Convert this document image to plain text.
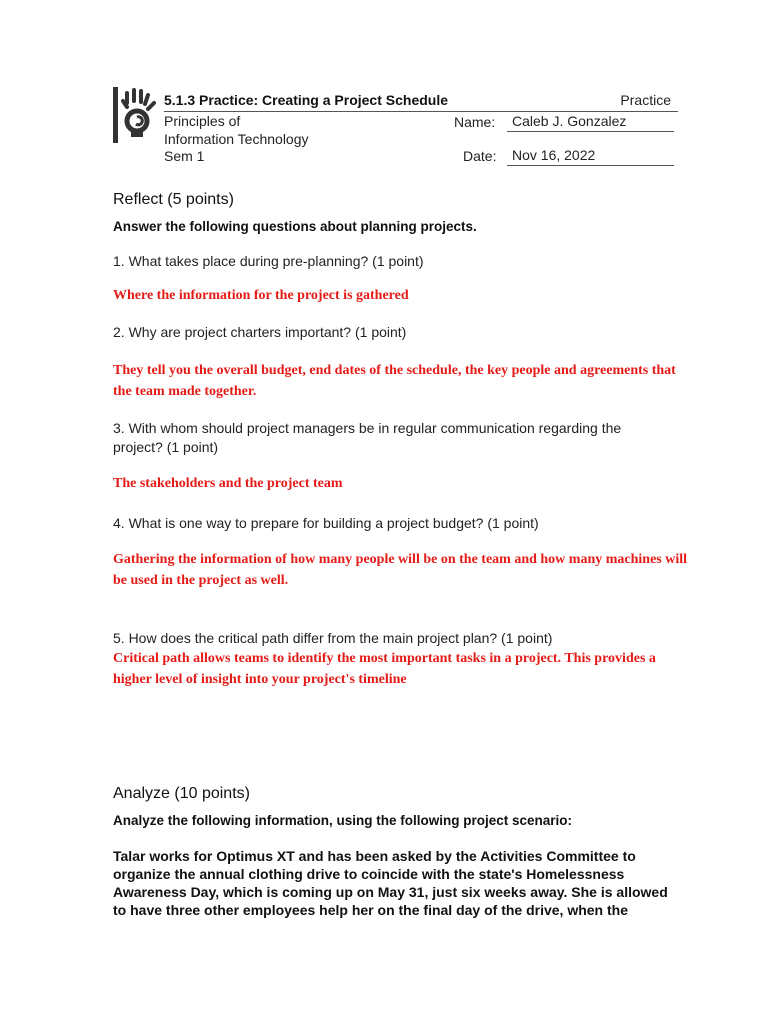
5.1.3 Practice: Creating a Project Schedule	Practice
Principles of
Information Technology
Sem 1
Name:	Caleb J. Gonzalez
Date:	Nov 16, 2022
Reflect (5 points)
Answer the following questions about planning projects.
1. What takes place during pre-planning? (1 point)
Where the information for the project is gathered
2. Why are project charters important? (1 point)
They tell you the overall budget, end dates of the schedule, the key people and agreements that the team made together.
3. With whom should project managers be in regular communication regarding the project? (1 point)
The stakeholders and the project team
4. What is one way to prepare for building a project budget? (1 point)
Gathering the information of how many people will be on the team and how many machines will be used in the project as well.
5. How does the critical path differ from the main project plan? (1 point)
Critical path allows teams to identify the most important tasks in a project. This provides a higher level of insight into your project's timeline
Analyze (10 points)
Analyze the following information, using the following project scenario:
Talar works for Optimus XT and has been asked by the Activities Committee to organize the annual clothing drive to coincide with the state's Homelessness Awareness Day, which is coming up on May 31, just six weeks away. She is allowed to have three other employees help her on the final day of the drive, when the
